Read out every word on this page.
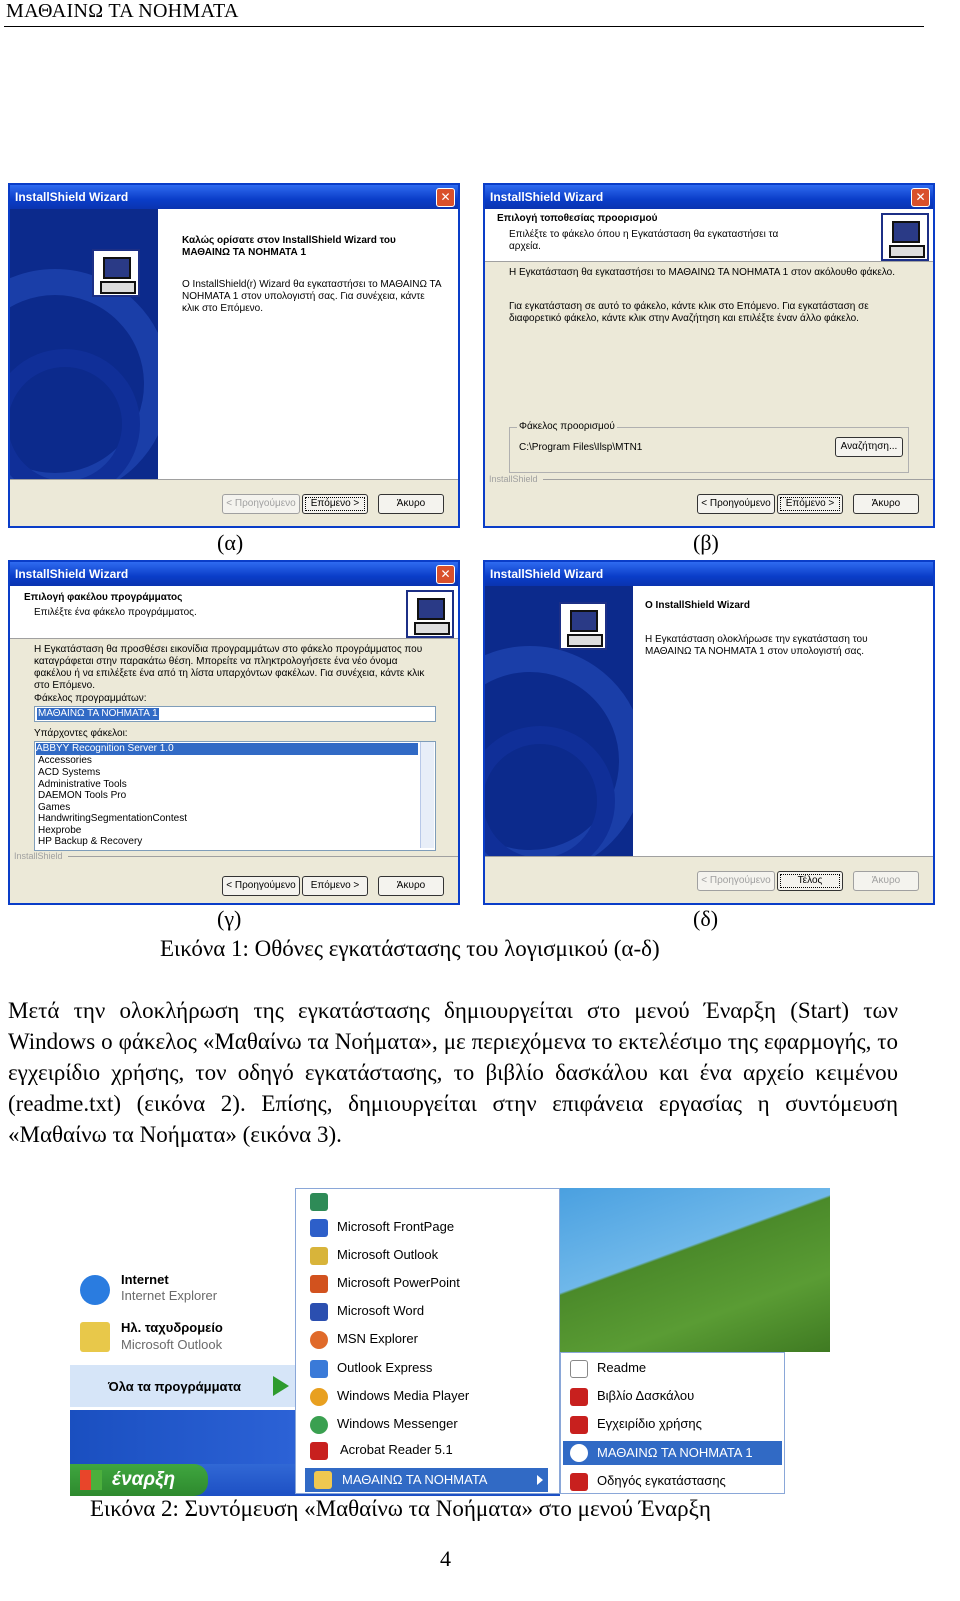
ΜΑΘΑΙΝΩ ΤΑ ΝΟΗΜΑΤΑ
InstallShield Wizard	✕
Καλώς ορίσατε στον InstallShield Wizard του ΜΑΘΑΙΝΩ ΤΑ ΝΟΗΜΑΤΑ 1
Ο InstallShield(r) Wizard θα εγκαταστήσει το ΜΑΘΑΙΝΩ ΤΑ ΝΟΗΜΑΤΑ 1 στον υπολογιστή σας. Για συνέχεια, κάντε κλικ στο Επόμενο.
< Προηγούμενο	Επόμενο >	Άκυρο
InstallShield Wizard	✕
Επιλογή τοποθεσίας προορισμού
Επιλέξτε το φάκελο όπου η Εγκατάσταση θα εγκαταστήσει τα αρχεία.
Η Εγκατάσταση θα εγκαταστήσει το ΜΑΘΑΙΝΩ ΤΑ ΝΟΗΜΑΤΑ 1 στον ακόλουθο φάκελο.
Για εγκατάσταση σε αυτό το φάκελο, κάντε κλικ στο Επόμενο. Για εγκατάσταση σε διαφορετικό φάκελο, κάντε κλικ στην Αναζήτηση και επιλέξτε έναν άλλο φάκελο.
Φάκελος προορισμού
C:\Program Files\Ilsp\MTN1	Αναζήτηση...
InstallShield
< Προηγούμενο	Επόμενο >	Άκυρο
(α)	(β)
InstallShield Wizard	✕
Επιλογή φακέλου προγράμματος
Επιλέξτε ένα φάκελο προγράμματος.
Η Εγκατάσταση θα προσθέσει εικονίδια προγραμμάτων στο φάκελο προγράμματος που καταγράφεται στην παρακάτω θέση. Μπορείτε να πληκτρολογήσετε ένα νέο όνομα φακέλου ή να επιλέξετε ένα από τη λίστα υπαρχόντων φακέλων. Για συνέχεια, κάντε κλικ στο Επόμενο.
Φάκελος προγραμμάτων:
ΜΑΘΑΙΝΩ ΤΑ ΝΟΗΜΑΤΑ 1
Υπάρχοντες φάκελοι:
ABBYY Recognition Server 1.0
Accessories
ACD Systems
Administrative Tools
DAEMON Tools Pro
Games
HandwritingSegmentationContest
Hexprobe
HP Backup & Recovery
InstallShield
< Προηγούμενο	Επόμενο >	Άκυρο
InstallShield Wizard
Ο InstallShield Wizard
Η Εγκατάσταση ολοκλήρωσε την εγκατάσταση του ΜΑΘΑΙΝΩ ΤΑ ΝΟΗΜΑΤΑ 1 στον υπολογιστή σας.
< Προηγούμενο	Τέλος	Άκυρο
(γ)	(δ)
Εικόνα 1: Οθόνες εγκατάστασης του λογισμικού (α-δ)
Μετά την ολοκλήρωση της εγκατάστασης δημιουργείται στο μενού Έναρξη (Start) των Windows ο φάκελος «Μαθαίνω τα Νοήματα», με περιεχόμενα το εκτελέσιμο της εφαρμογής, το εγχειρίδιο χρήσης, τον οδηγό εγκατάστασης, το βιβλίο δασκάλου και ένα αρχείο κειμένου (readme.txt) (εικόνα 2). Επίσης, δημιουργείται στην επιφάνεια εργασίας η συντόμευση «Μαθαίνω τα Νοήματα» (εικόνα 3).
Internet
Internet Explorer
Ηλ. ταχυδρομείο
Microsoft Outlook
Όλα τα προγράμματα
έναρξη
Microsoft FrontPage
Microsoft Outlook
Microsoft PowerPoint
Microsoft Word
MSN Explorer
Outlook Express
Windows Media Player
Windows Messenger
Acrobat Reader 5.1
ΜΑΘΑΙΝΩ ΤΑ ΝΟΗΜΑΤΑ
Readme
Βιβλίο Δασκάλου
Εγχειρίδιο χρήσης
ΜΑΘΑΙΝΩ ΤΑ ΝΟΗΜΑΤΑ 1
Οδηγός εγκατάστασης
Εικόνα 2: Συντόμευση «Μαθαίνω τα Νοήματα» στο μενού Έναρξη
4
